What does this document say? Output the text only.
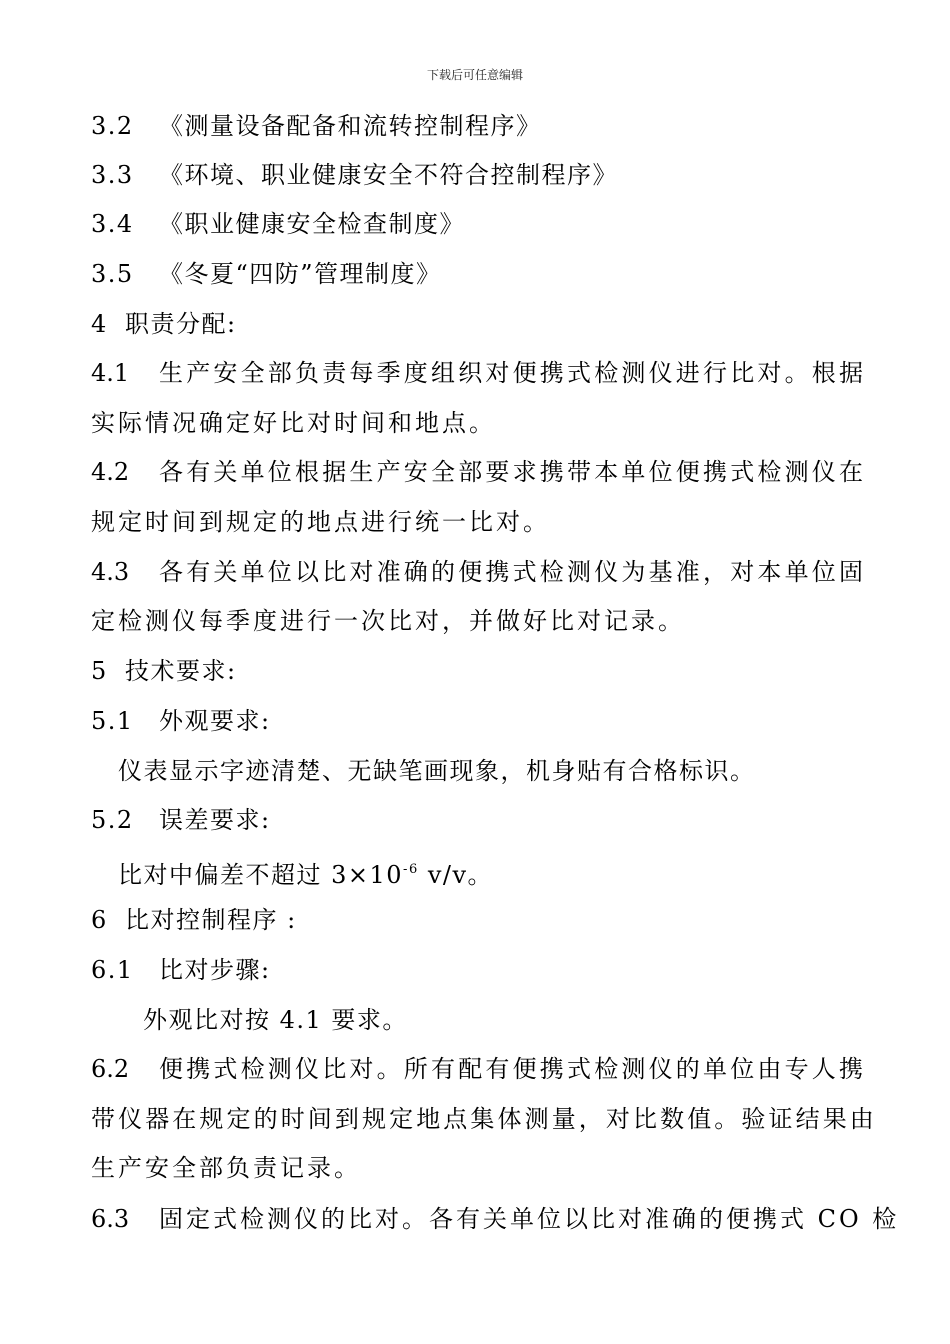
下载后可任意编辑
3.2 《测量设备配备和流转控制程序》
3.3 《环境、职业健康安全不符合控制程序》
3.4 《职业健康安全检查制度》
3.5 《冬夏“四防”管理制度》
4 职责分配:
4.1 生产安全部负责每季度组织对便携式检测仪进行比对。根据
实际情况确定好比对时间和地点。
4.2 各有关单位根据生产安全部要求携带本单位便携式检测仪在
规定时间到规定的地点进行统一比对。
4.3 各有关单位以比对准确的便携式检测仪为基准，对本单位固
定检测仪每季度进行一次比对，并做好比对记录。
5 技术要求:
5.1 外观要求:
仪表显示字迹清楚、无缺笔画现象，机身贴有合格标识。
5.2 误差要求:
比对中偏差不超过 $3\times 10^{-6}$ v/v。
6 比对控制程序 :
6.1 比对步骤:
外观比对按 4.1 要求。
6.2 便携式检测仪比对。所有配有便携式检测仪的单位由专人携
带仪器在规定的时间到规定地点集体测量，对比数值。验证结果由
生产安全部负责记录。
6.3 固定式检测仪的比对。各有关单位以比对准确的便携式 CO 检
